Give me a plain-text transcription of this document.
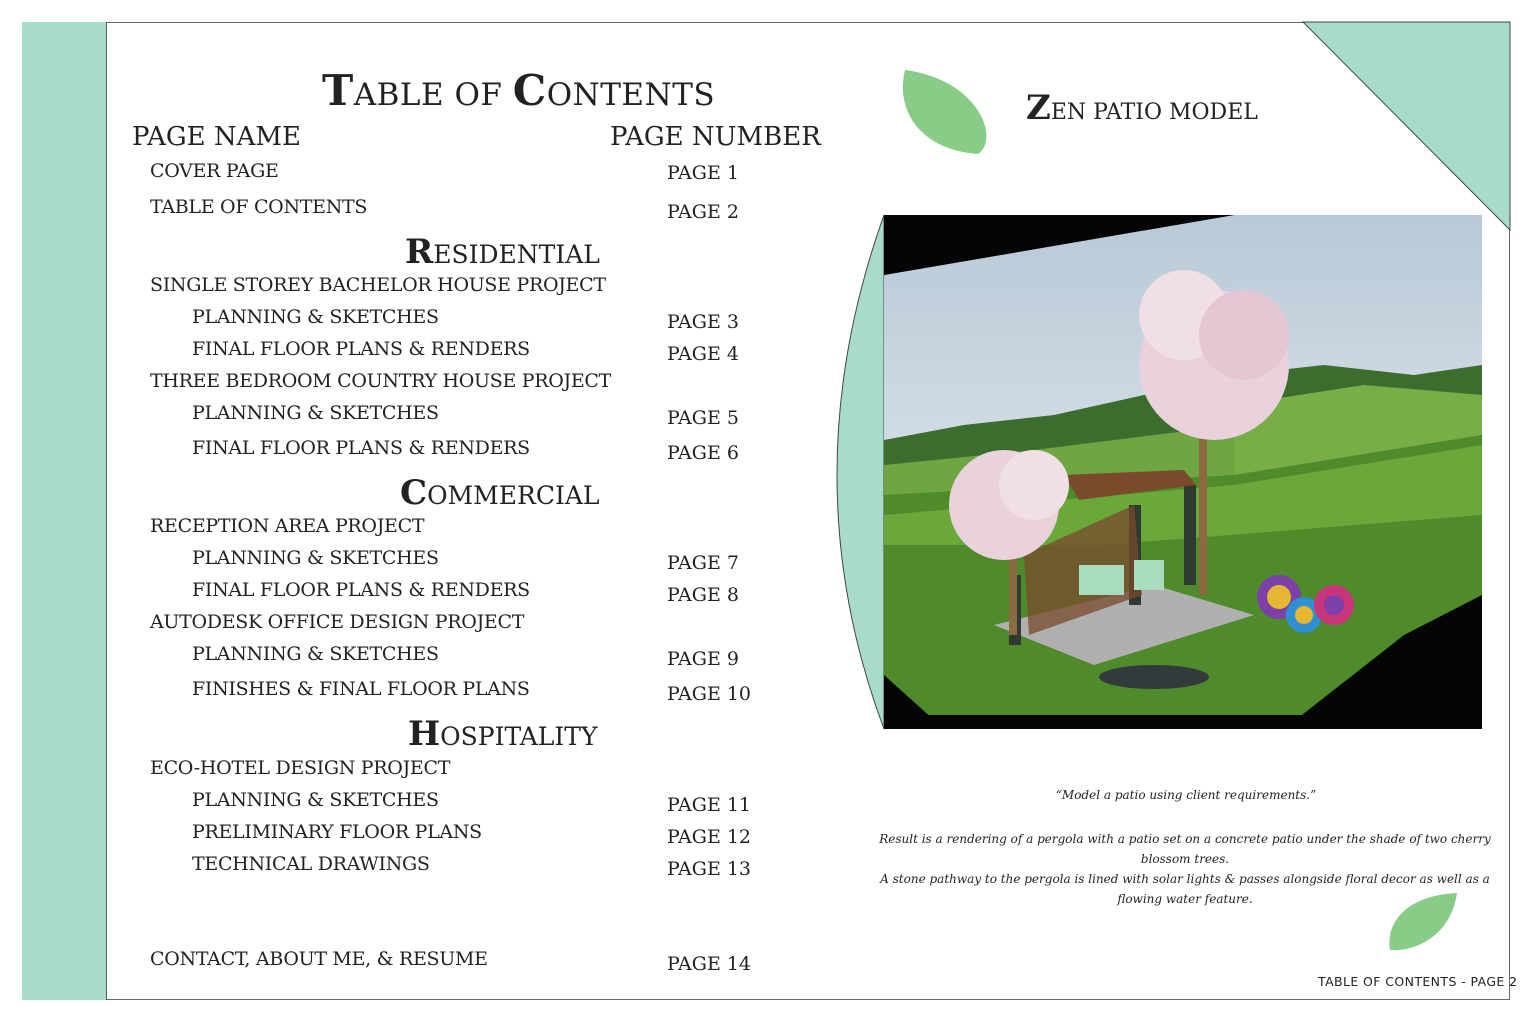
TABLE OF CONTENTS
PAGE NAME	PAGE NUMBER
COVER PAGE	PAGE 1
TABLE OF CONTENTS	PAGE 2
RESIDENTIAL
SINGLE STOREY BACHELOR HOUSE PROJECT
PLANNING & SKETCHES	PAGE 3
FINAL FLOOR PLANS & RENDERS	PAGE 4
THREE BEDROOM COUNTRY HOUSE PROJECT
PLANNING & SKETCHES	PAGE 5
FINAL FLOOR PLANS & RENDERS	PAGE 6
COMMERCIAL
RECEPTION AREA PROJECT
PLANNING & SKETCHES	PAGE 7
FINAL FLOOR PLANS & RENDERS	PAGE 8
AUTODESK OFFICE DESIGN PROJECT
PLANNING & SKETCHES	PAGE 9
FINISHES & FINAL FLOOR PLANS	PAGE 10
HOSPITALITY
ECO-HOTEL DESIGN PROJECT
PLANNING & SKETCHES	PAGE 11
PRELIMINARY FLOOR PLANS	PAGE 12
TECHNICAL DRAWINGS	PAGE 13
CONTACT, ABOUT ME, & RESUME	PAGE 14
ZEN PATIO MODEL
“Model a patio using client requirements.”
Result is a rendering of a pergola with a patio set on a concrete patio under the shade of two cherry blossom trees.
A stone pathway to the pergola is lined with solar lights & passes alongside floral decor as well as a flowing water feature.
TABLE OF CONTENTS - PAGE 2
